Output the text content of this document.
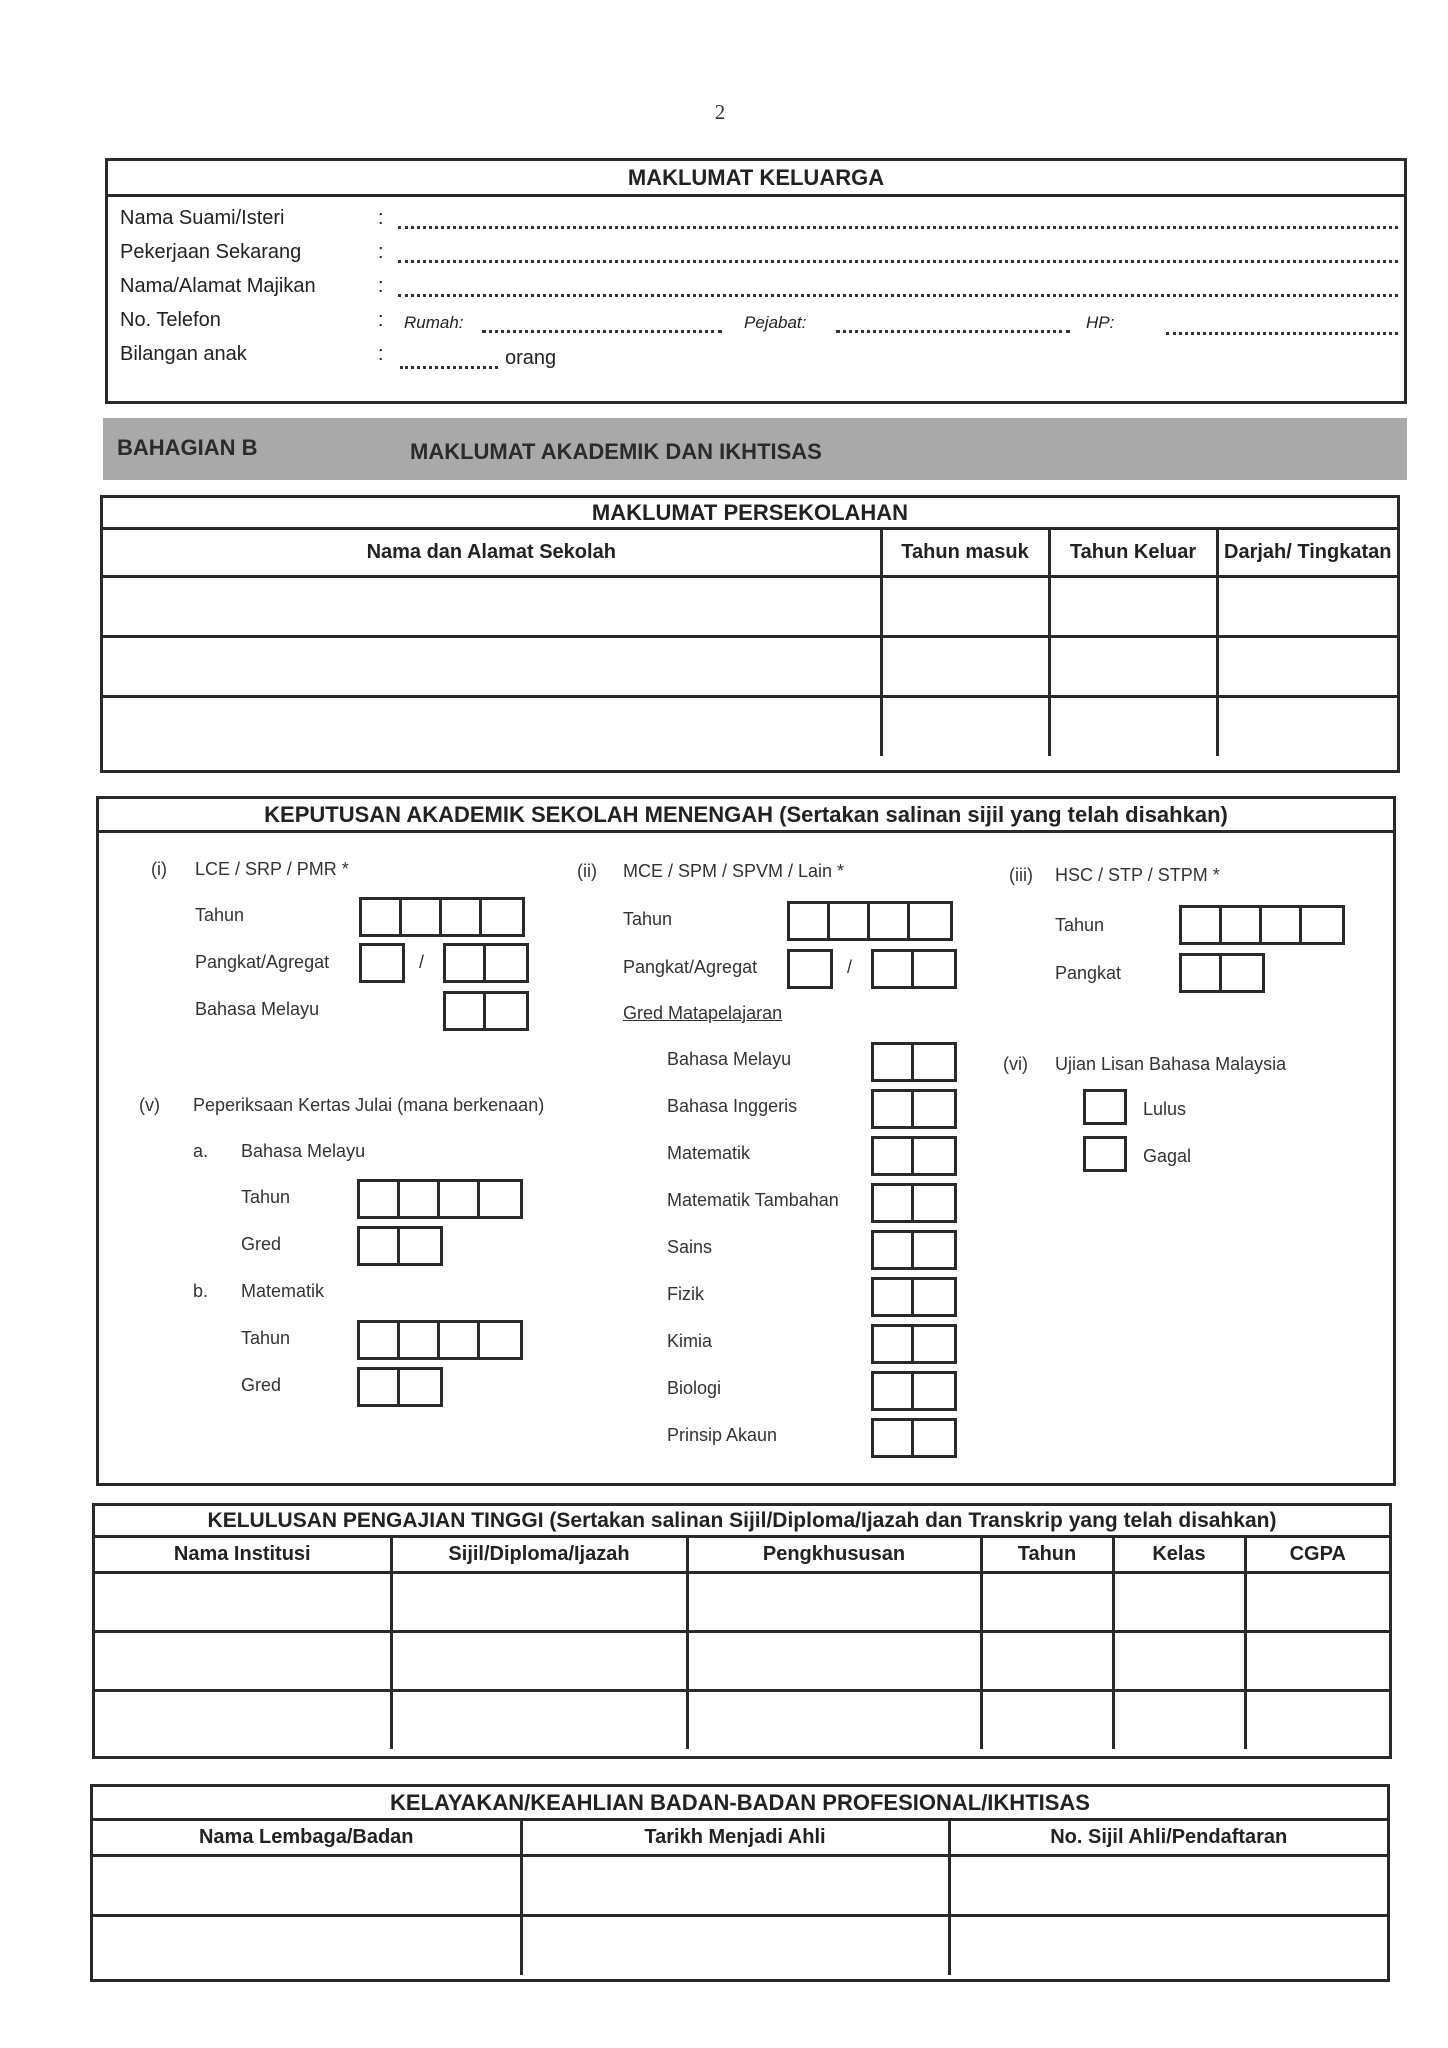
2
MAKLUMAT KELUARGA
Nama Suami/Isteri	:
Pekerjaan Sekarang	:
Nama/Alamat Majikan	:
No. Telefon	: Rumah:	Pejabat:	HP:
Bilangan anak	:	orang
BAHAGIAN B	MAKLUMAT AKADEMIK DAN IKHTISAS
MAKLUMAT PERSEKOLAHAN
Nama dan Alamat Sekolah	Tahun masuk	Tahun Keluar	Darjah/ Tingkatan

KEPUTUSAN AKADEMIK SEKOLAH MENENGAH (Sertakan salinan sijil yang telah disahkan)
(i) LCE / SRP / PMR *
Tahun
Pangkat/Agregat	/
Bahasa Melayu
(ii) MCE / SPM / SPVM / Lain *
Tahun
Pangkat/Agregat	/
Gred Matapelajaran
Bahasa Melayu
Bahasa Inggeris
Matematik
Matematik Tambahan
Sains
Fizik
Kimia
Biologi
Prinsip Akaun
(iii) HSC / STP / STPM *
Tahun
Pangkat
(v) Peperiksaan Kertas Julai (mana berkenaan)
a. Bahasa Melayu
Tahun
Gred
b. Matematik
Tahun
Gred
(vi) Ujian Lisan Bahasa Malaysia
Lulus
Gagal
KELULUSAN PENGAJIAN TINGGI (Sertakan salinan Sijil/Diploma/Ijazah dan Transkrip yang telah disahkan)
Nama Institusi	Sijil/Diploma/Ijazah	Pengkhususan	Tahun	Kelas	CGPA

KELAYAKAN/KEAHLIAN BADAN-BADAN PROFESIONAL/IKHTISAS
Nama Lembaga/Badan	Tarikh Menjadi Ahli	No. Sijil Ahli/Pendaftaran
